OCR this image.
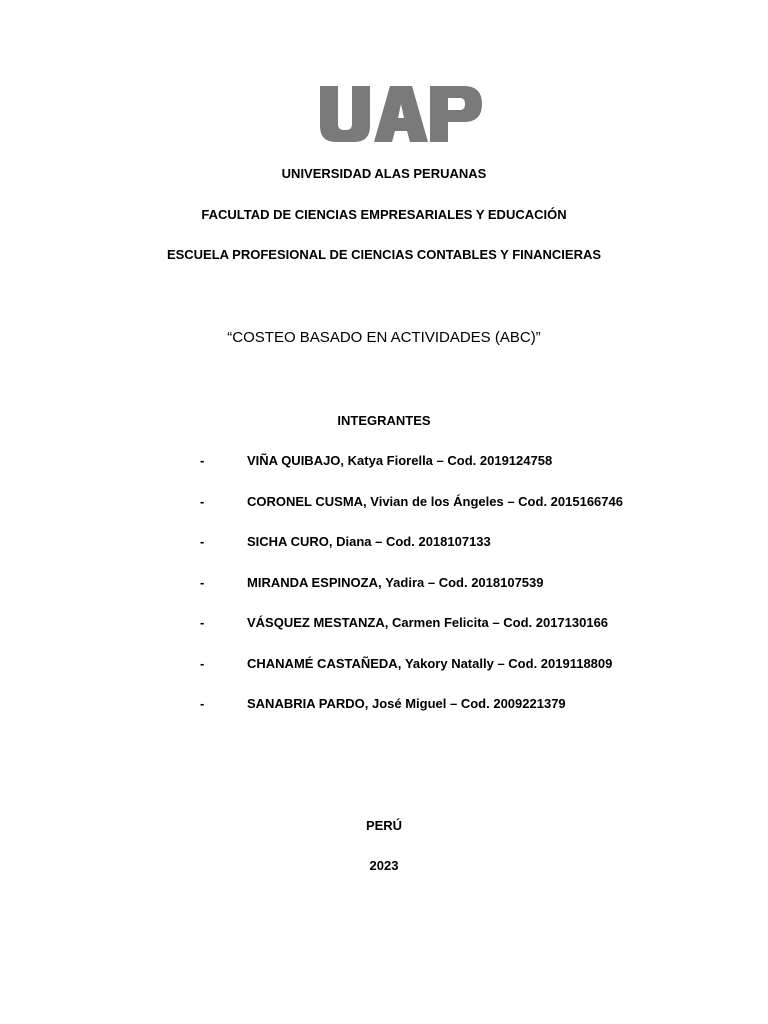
UNIVERSIDAD ALAS PERUANAS
FACULTAD DE CIENCIAS EMPRESARIALES Y EDUCACIÓN
ESCUELA PROFESIONAL DE CIENCIAS CONTABLES Y FINANCIERAS
“COSTEO BASADO EN ACTIVIDADES (ABC)”
INTEGRANTES
-	VIÑA QUIBAJO, Katya Fiorella – Cod. 2019124758
-	CORONEL CUSMA, Vivian de los Ángeles – Cod. 2015166746
-	SICHA CURO, Diana – Cod. 2018107133
-	MIRANDA ESPINOZA, Yadira – Cod. 2018107539
-	VÁSQUEZ MESTANZA, Carmen Felicita – Cod. 2017130166
-	CHANAMÉ CASTAÑEDA, Yakory Natally – Cod. 2019118809
-	SANABRIA PARDO, José Miguel – Cod. 2009221379
PERÚ
2023
